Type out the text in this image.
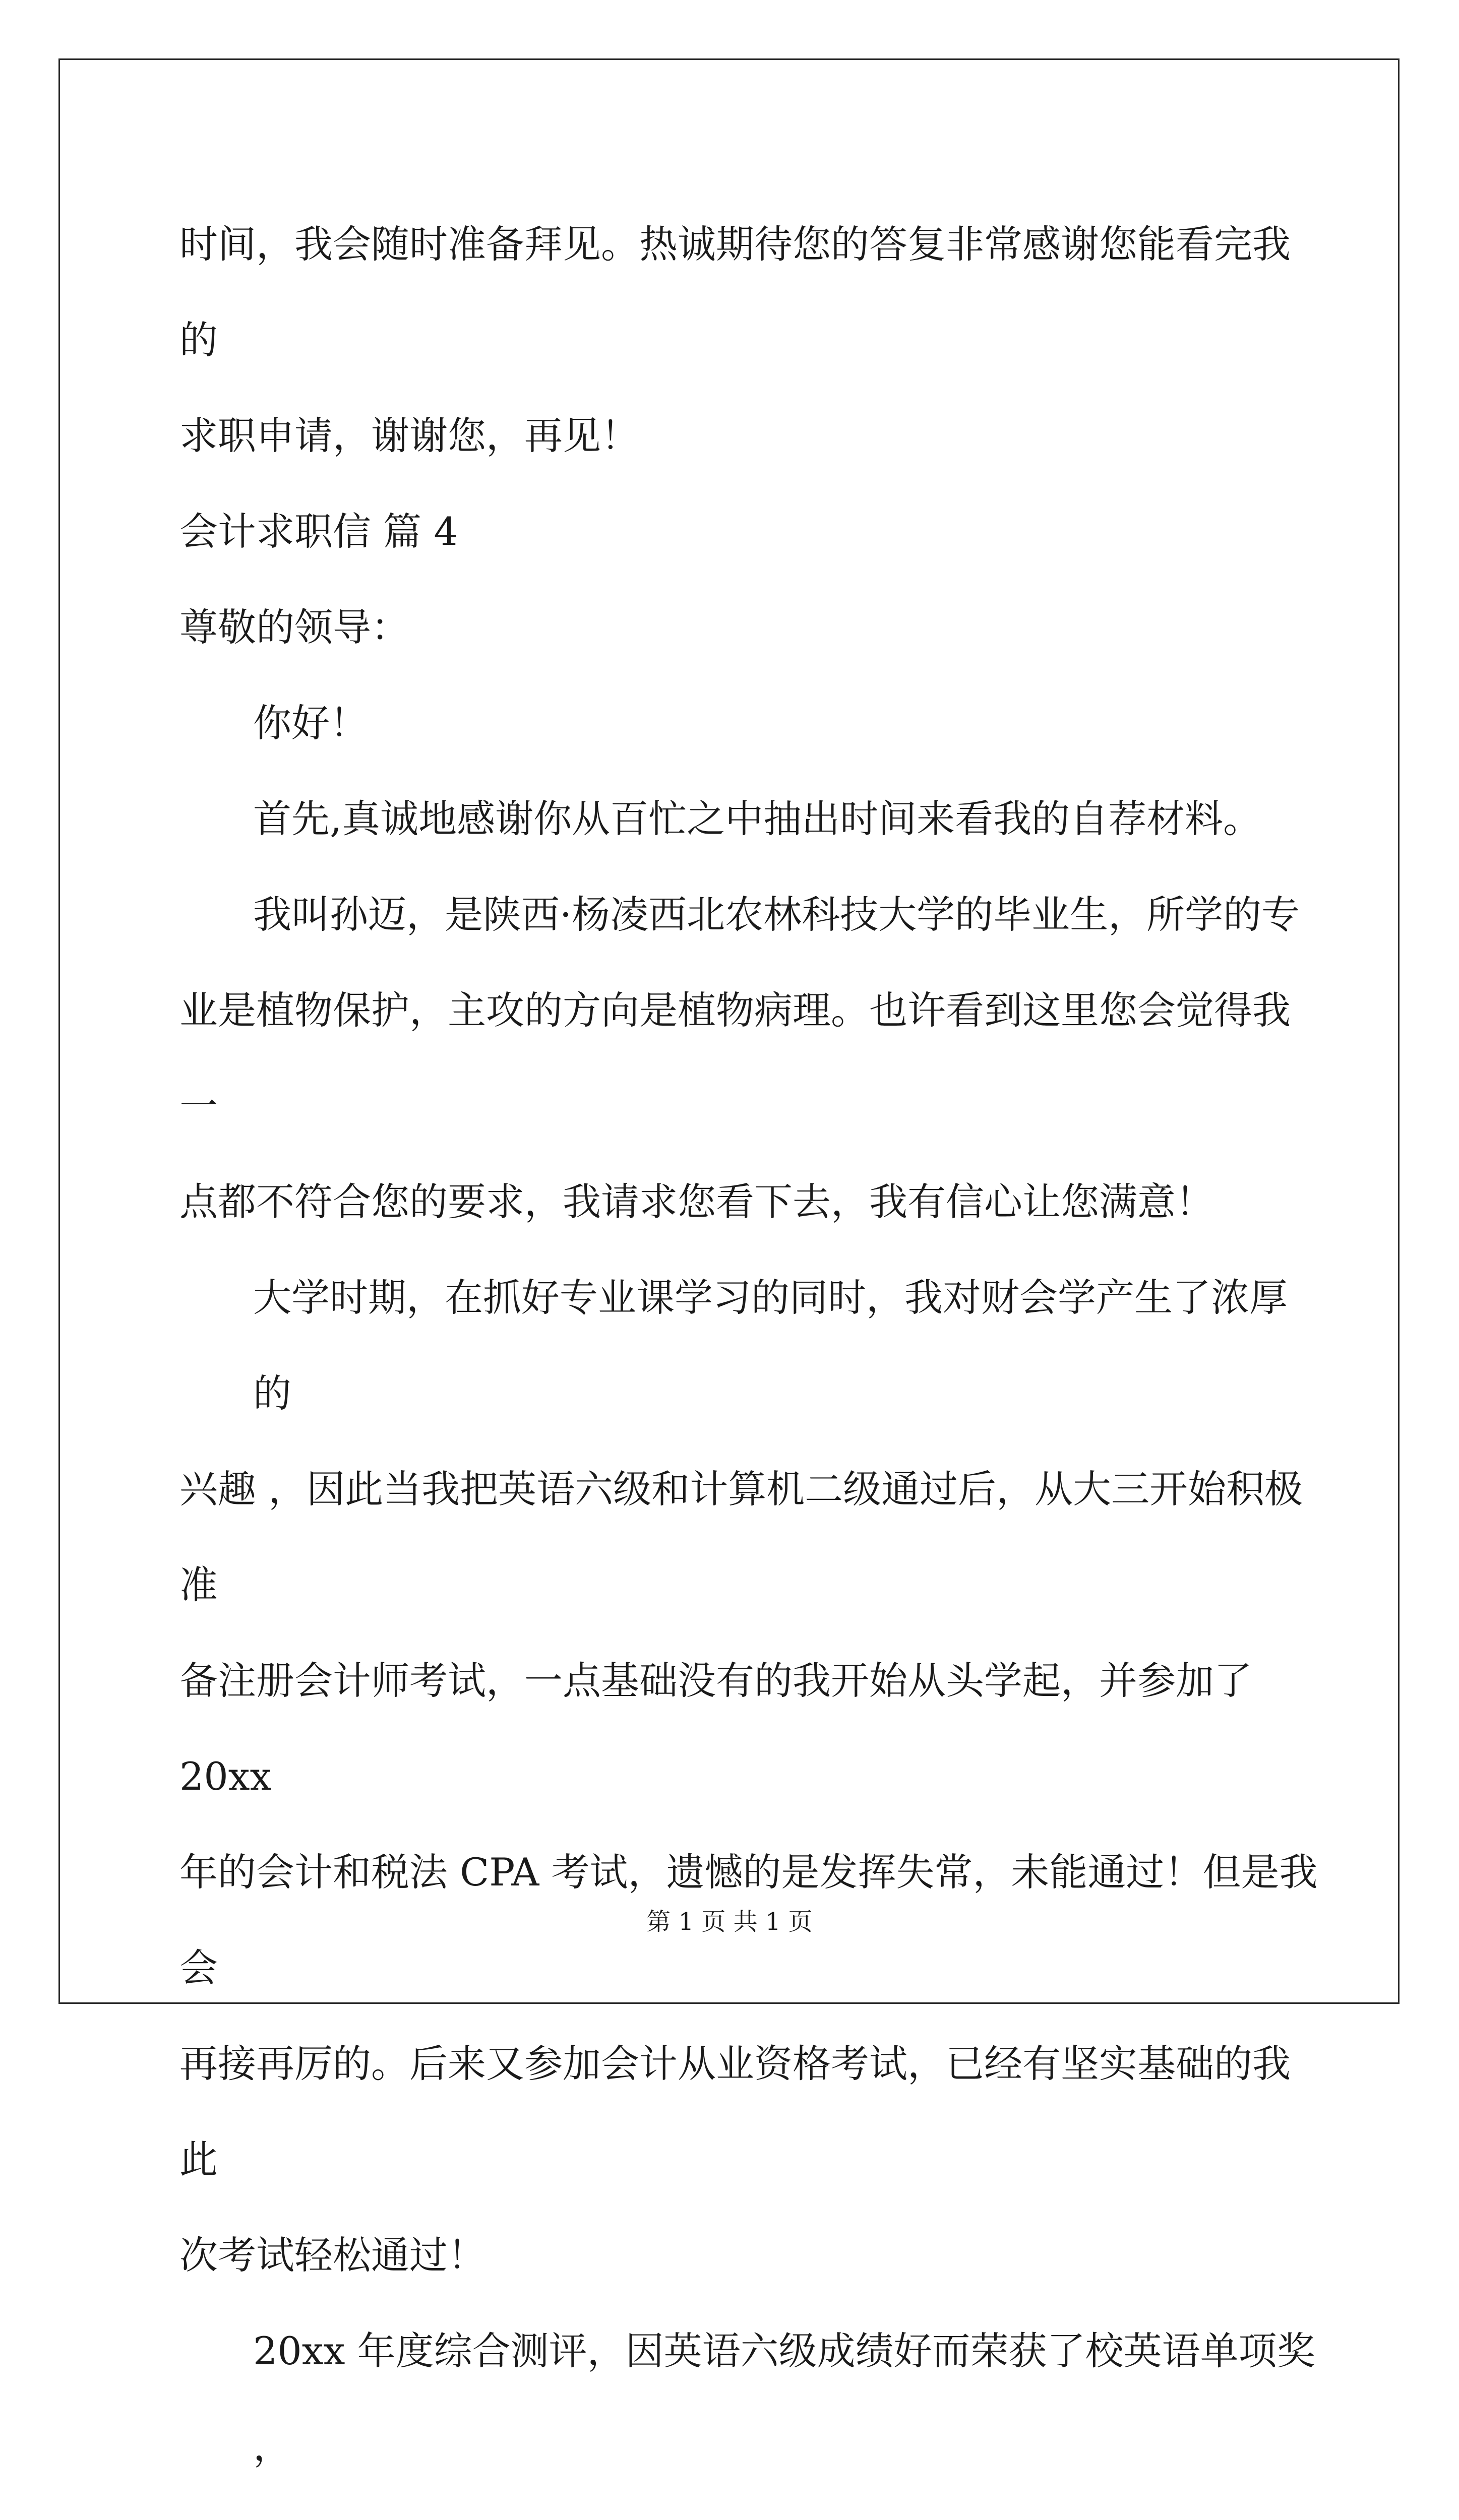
时间，我会随时准备拜见。热诚期待您的答复非常感谢您能看完我的

求职申请，谢谢您，再见！

会计求职信 篇 4

尊敬的领导：

你好！

首先,真诚地感谢你从百忙之中抽出时间来看我的自荐材料。

我叫孙迈，是陕西·杨凌西北农林科技大学的毕业生，所学的专

业是植物保护，主攻的方向是植物病理。也许看到这里您会觉得我一

点都不符合您的要求，我请求您看下去，我有信心让您满意！

大学时期，在抓好专业课学习的同时，我对财会学产生了浓厚的

兴趣 ，因此当我把英语六级和计算机二级通过后，从大三开始积极准

备注册会计师考试，一点基础没有的我开始从头学起，并参加了 20xx

年的会计和税法 CPA 考试，遗憾的是发挥失常，未能通过！但是我会

再接再厉的。后来又参加会计从业资格考试，已经有坚实基础的我此

次考试轻松通过！

20xx 年度综合测评，因英语六级成绩好而荣获了校英语单项奖 ，

第 1 页 共 1 页
